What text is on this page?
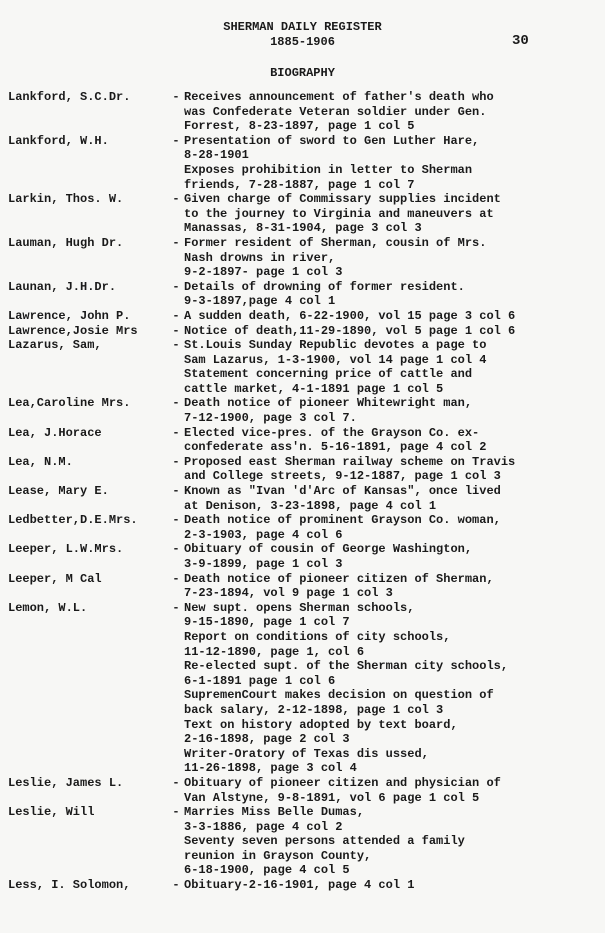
SHERMAN DAILY REGISTER
1885-1906	30
BIOGRAPHY
Lankford, S.C.Dr.	- Receives announcement of father's death who
was Confederate Veteran soldier under Gen.
Forrest, 8-23-1897, page 1 col 5
Lankford, W.H.	- Presentation of sword to Gen Luther Hare,
8-28-1901
Exposes prohibition in letter to Sherman
friends, 7-28-1887, page 1 col 7
Larkin, Thos. W.	- Given charge of Commissary supplies incident
to the journey to Virginia and maneuvers at
Manassas, 8-31-1904, page 3 col 3
Lauman, Hugh Dr.	- Former resident of Sherman, cousin of Mrs.
Nash drowns in river,
9-2-1897- page 1 col 3
Launan, J.H.Dr.	- Details of drowning of former resident.
9-3-1897,page 4 col 1
Lawrence, John P.	- A sudden death, 6-22-1900, vol 15 page 3 col 6
Lawrence,Josie Mrs	- Notice of death,11-29-1890, vol 5 page 1 col 6
Lazarus, Sam,	- St.Louis Sunday Republic devotes a page to
Sam Lazarus, 1-3-1900, vol 14 page 1 col 4
Statement concerning price of cattle and
cattle market, 4-1-1891 page 1 col 5
Lea,Caroline Mrs.	- Death notice of pioneer Whitewright man,
7-12-1900, page 3 col 7.
Lea, J.Horace	- Elected vice-pres. of the Grayson Co. ex-
confederate ass'n. 5-16-1891, page 4 col 2
Lea, N.M.	- Proposed east Sherman railway scheme on Travis
and College streets, 9-12-1887, page 1 col 3
Lease, Mary E.	- Known as "Ivan 'd'Arc of Kansas", once lived
at Denison, 3-23-1898, page 4 col 1
Ledbetter,D.E.Mrs.	- Death notice of prominent Grayson Co. woman,
2-3-1903, page 4 col 6
Leeper, L.W.Mrs.	- Obituary of cousin of George Washington,
3-9-1899, page 1 col 3
Leeper, M Cal	- Death notice of pioneer citizen of Sherman,
7-23-1894, vol 9 page 1 col 3
Lemon, W.L.	- New supt. opens Sherman schools,
9-15-1890, page 1 col 7
Report on conditions of city schools,
11-12-1890, page 1, col 6
Re-elected supt. of the Sherman city schools,
6-1-1891 page 1 col 6
SupremenCourt makes decision on question of
back salary, 2-12-1898, page 1 col 3
Text on history adopted by text board,
2-16-1898, page 2 col 3
Writer-Oratory of Texas dis ussed,
11-26-1898, page 3 col 4
Leslie, James L.	- Obituary of pioneer citizen and physician of
Van Alstyne, 9-8-1891, vol 6 page 1 col 5
Leslie, Will	- Marries Miss Belle Dumas,
3-3-1886, page 4 col 2
Seventy seven persons attended a family
reunion in Grayson County,
6-18-1900, page 4 col 5
Less, I. Solomon,	- Obituary-2-16-1901, page 4 col 1
